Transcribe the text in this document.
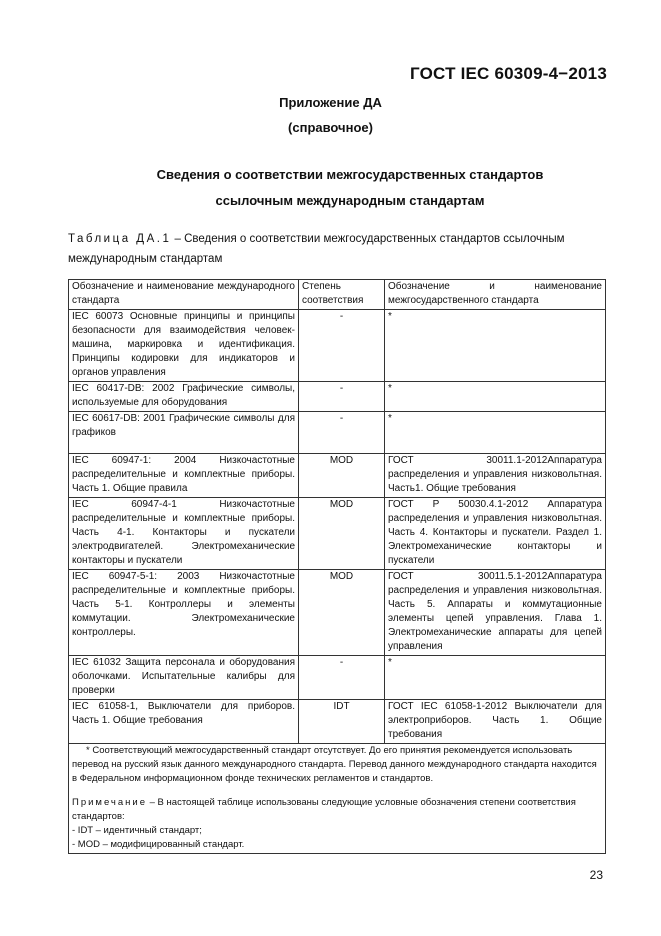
ГОСТ IEC 60309-4−2013
Приложение ДА
(справочное)
Сведения о соответствии межгосударственных стандартов
ссылочным международным стандартам
Таблица ДА.1 – Сведения о соответствии межгосударственных стандартов ссылочным международным стандартам
Обозначение и наименование международного стандарта	Степень соответствия	Обозначение и наименование межгосударственного стандарта
IEC 60073 Основные принципы и принципы безопасности для взаимодействия человек-машина, маркировка и идентификация. Принципы кодировки для индикаторов и органов управления	-	*
IEC 60417-DB: 2002 Графические символы, используемые для оборудования	-	*
IEC 60617-DB: 2001 Графические символы для графиков	-	*
IEC 60947-1: 2004 Низкочастотные распределительные и комплектные приборы. Часть 1. Общие правила	MOD	ГОСТ 30011.1-2012Аппаратура распределения и управления низковольтная. Часть1. Общие требования
IEC 60947-4-1 Низкочастотные распределительные и комплектные приборы. Часть 4-1. Контакторы и пускатели электродвигателей. Электромеханические контакторы и пускатели	MOD	ГОСТ Р 50030.4.1-2012 Аппаратура распределения и управления низковольтная. Часть 4. Контакторы и пускатели. Раздел 1. Электромеханические контакторы и пускатели
IEC 60947-5-1: 2003 Низкочастотные распределительные и комплектные приборы. Часть 5-1. Контроллеры и элементы коммутации. Электромеханические контроллеры.	MOD	ГОСТ 30011.5.1-2012Аппаратура распределения и управления низковольтная. Часть 5. Аппараты и коммутационные элементы цепей управления. Глава 1. Электромеханические аппараты для цепей управления
IEC 61032 Защита персонала и оборудования оболочками. Испытательные калибры для проверки	-	*
IEC 61058-1, Выключатели для приборов. Часть 1. Общие требования	IDT	ГОСТ IEC 61058-1-2012 Выключатели для электроприборов. Часть 1. Общие требования

* Соответствующий межгосударственный стандарт отсутствует. До его принятия рекомендуется использовать перевод на русский язык данного международного стандарта. Перевод данного международного стандарта находится в Федеральном информационном фонде технических регламентов и стандартов.

Примечание – В настоящей таблице использованы следующие условные обозначения степени соответствия стандартов:

- IDT – идентичный стандарт;
- MOD – модифицированный стандарт.		
23
